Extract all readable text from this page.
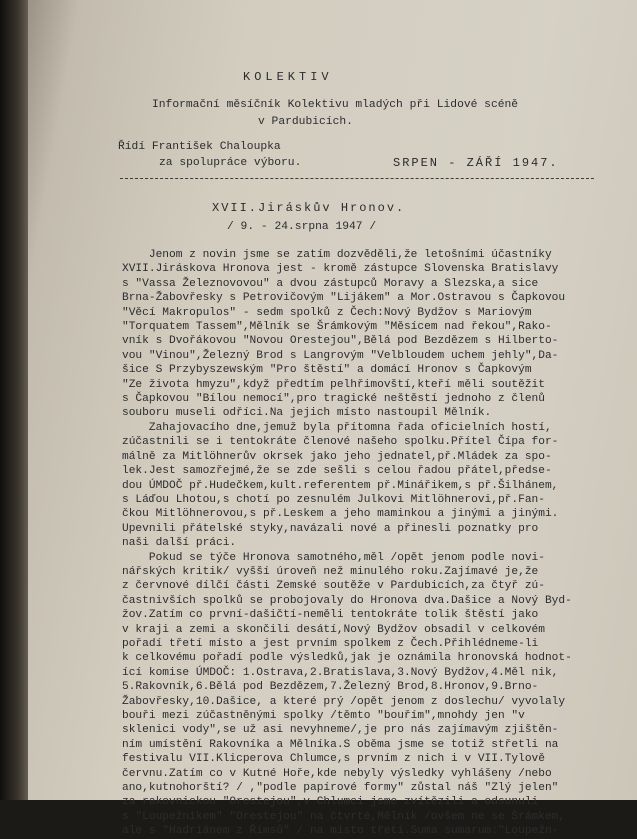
KOLEKTIV
Informační měsíčník Kolektivu mladých při Lidové scéně
v Pardubicích.
Řídí František Chaloupka
za spolupráce výboru.	SRPEN - ZÁŘÍ 1947.
XVII.Jiráskův Hronov.
/ 9. - 24.srpna 1947 /
Jenom z novin jsme se zatím dozvěděli,že letošními účastníky
XVII.Jiráskova Hronova jest - kromě zástupce Slovenska Bratislavy
s "Vassa Železnovovou" a dvou zástupců Moravy a Slezska,a sice
Brna-Žabovřesky s Petrovičovým "Lijákem" a Mor.Ostravou s Čapkovou
"Věcí Makropulos" - sedm spolků z Čech:Nový Bydžov s Mariovým
"Torquatem Tassem",Mělník se Šrámkovým "Měsícem nad řekou",Rako-
vník s Dvořákovou "Novou Orestejou",Bělá pod Bezdězem s Hilberto-
vou "Vinou",Železný Brod s Langrovým "Velbloudem uchem jehly",Da-
šice S Przybyszewským "Pro štěstí" a domácí Hronov s Čapkovým
"Ze života hmyzu",když předtím pelhřimovští,kteří měli soutěžit
s Čapkovou "Bílou nemocí",pro tragické neštěstí jednoho z členů
souboru museli odříci.Na jejich místo nastoupil Mělník.
Zahajovacího dne,jemuž byla přítomna řada oficielních hostí,
zúčastnili se i tentokráte členové našeho spolku.Přítel Čípa for-
málně za Mitlöhnerův okrsek jako jeho jednatel,př.Mládek za spo-
lek.Jest samozřejmé,že se zde sešli s celou řadou přátel,předse-
dou ÚMDOČ př.Hudečkem,kult.referentem př.Minářikem,s př.Šilhánem,
s Láďou Lhotou,s chotí po zesnulém Julkovi Mitlöhnerovi,př.Fan-
čkou Mitlöhnerovou,s př.Leskem a jeho maminkou a jinými a jinými.
Upevnili přátelské styky,navázali nové a přinesli poznatky pro
naši další práci.
Pokud se týče Hronova samotného,měl /opět jenom podle novi-
nářských kritik/ vyšší úroveň než minulého roku.Zajímavé je,že
z červnové dílčí části Zemské soutěže v Pardubicích,za čtyř zú-
častnivších spolků se probojovaly do Hronova dva.Dašice a Nový Byd-
žov.Zatím co první-dašičtí-neměli tentokráte tolik štěstí jako
v kraji a zemi a skončili desátí,Nový Bydžov obsadil v celkovém
pořadí třetí místo a jest prvním spolkem z Čech.Přihlédneme-li
k celkovému pořadí podle výsledků,jak je oznámila hronovská hodnot-
ící komise ÚMDOČ: 1.Ostrava,2.Bratislava,3.Nový Bydžov,4.Měl nik,
5.Rakovník,6.Bělá pod Bezdězem,7.Železný Brod,8.Hronov,9.Brno-
Žabovřesky,10.Dašice, a které prý /opět jenom z doslechu/ vyvolaly
bouři mezi zúčastněnými spolky /těmto "bouřím",mnohdy jen "v
sklenici vody",se už asi nevyhneme/,je pro nás zajímavým zjištěn-
ním umístění Rakovníka a Mělníka.S oběma jsme se totiž střetli na
festivalu VII.Klicperova Chlumce,s prvním z nich i v VII.Tylově
červnu.Zatím co v Kutné Hoře,kde nebyly výsledky vyhlášeny /nebo
ano,kutnohorští? / ,"podle papírové formy" zůstal náš "Zlý jelen"
za rakovnickou "Orestejou",v Chlumci jsme zvítězili a odsunuli
s "Loupežníkem" "Orestejou" na čtvrté,Mělník /ovšem ne se Šrámkem,
ale s "Hadriánem z Římsů" / na místo třetí.Suma sumarum:"Loupežn-
